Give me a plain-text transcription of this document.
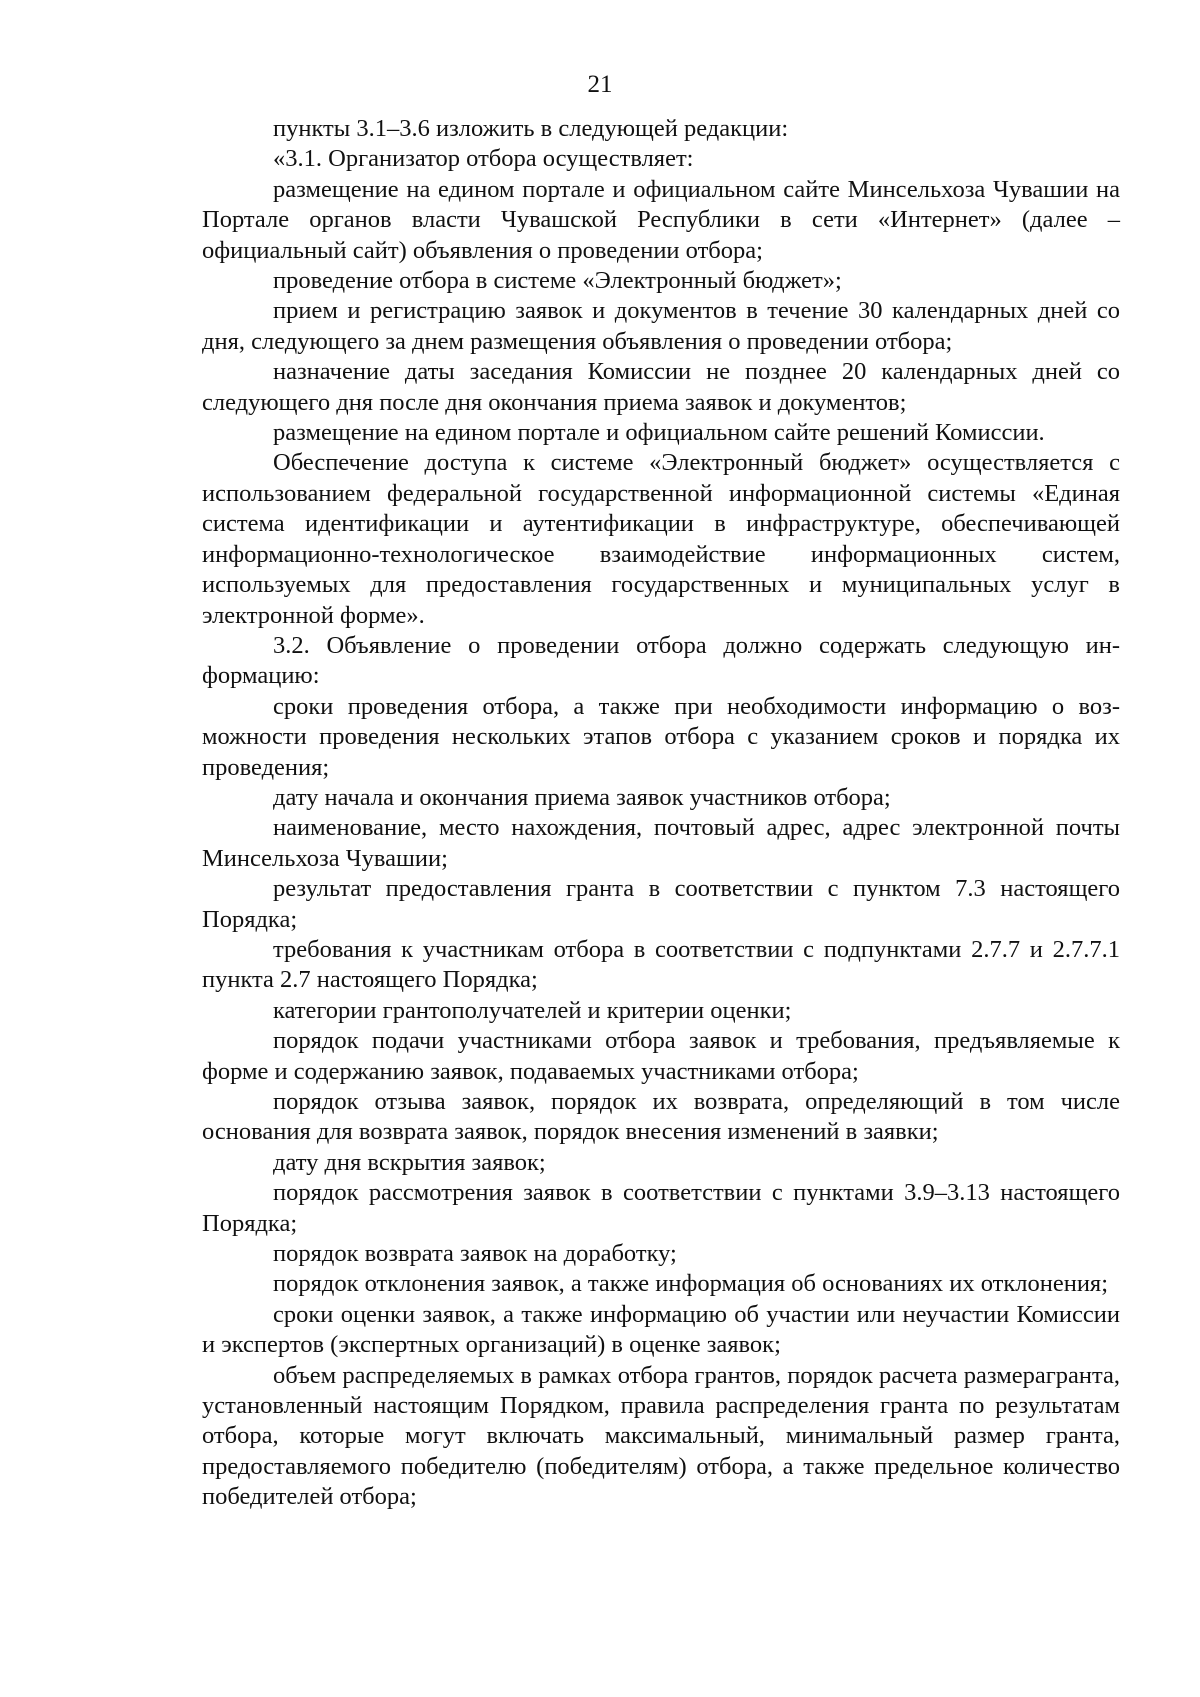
21

пункты 3.1–3.6 изложить в следующей редакции:

«3.1. Организатор отбора осуществляет:

размещение на едином портале и официальном сайте Минсельхоза Чувашии на Портале органов власти Чувашской Республики в сети «Интернет» (далее – официальный сайт) объявления о проведении отбора;

проведение отбора в системе «Электронный бюджет»;

прием и регистрацию заявок и документов в течение 30 календарных дней со дня, следующего за днем размещения объявления о проведении отбора;

назначение даты заседания Комиссии не позднее 20 календарных дней со следующего дня после дня окончания приема заявок и документов;

размещение на едином портале и официальном сайте решений Комиссии.

Обеспечение доступа к системе «Электронный бюджет» осуществляется с использованием федеральной государственной информационной системы «Единая система идентификации и аутентификации в инфраструктуре, обеспечивающей информационно-технологическое взаимодействие информационных систем, используемых для предоставления государственных и муниципальных услуг в электронной форме».

3.2. Объявление о проведении отбора должно содержать следующую информацию:

сроки проведения отбора, а также при необходимости информацию о возможности проведения нескольких этапов отбора с указанием сроков и порядка их проведения;

дату начала и окончания приема заявок участников отбора;

наименование, место нахождения, почтовый адрес, адрес электронной почты Минсельхоза Чувашии;

результат предоставления гранта в соответствии с пунктом 7.3 настоящего Порядка;

требования к участникам отбора в соответствии с подпунктами 2.7.7 и 2.7.7.1 пункта 2.7 настоящего Порядка;

категории грантополучателей и критерии оценки;

порядок подачи участниками отбора заявок и требования, предъявляемые к форме и содержанию заявок, подаваемых участниками отбора;

порядок отзыва заявок, порядок их возврата, определяющий в том числе основания для возврата заявок, порядок внесения изменений в заявки;

дату дня вскрытия заявок;

порядок рассмотрения заявок в соответствии с пунктами 3.9–3.13 настоящего Порядка;

порядок возврата заявок на доработку;

порядок отклонения заявок, а также информация об основаниях их отклонения;

сроки оценки заявок, а также информацию об участии или неучастии Комиссии и экспертов (экспертных организаций) в оценке заявок;

объем распределяемых в рамках отбора грантов, порядок расчета размерагранта, установленный настоящим Порядком, правила распределения гранта по результатам отбора, которые могут включать максимальный, минимальный размер гранта, предоставляемого победителю (победителям) отбора, а также предельное количество победителей отбора;
